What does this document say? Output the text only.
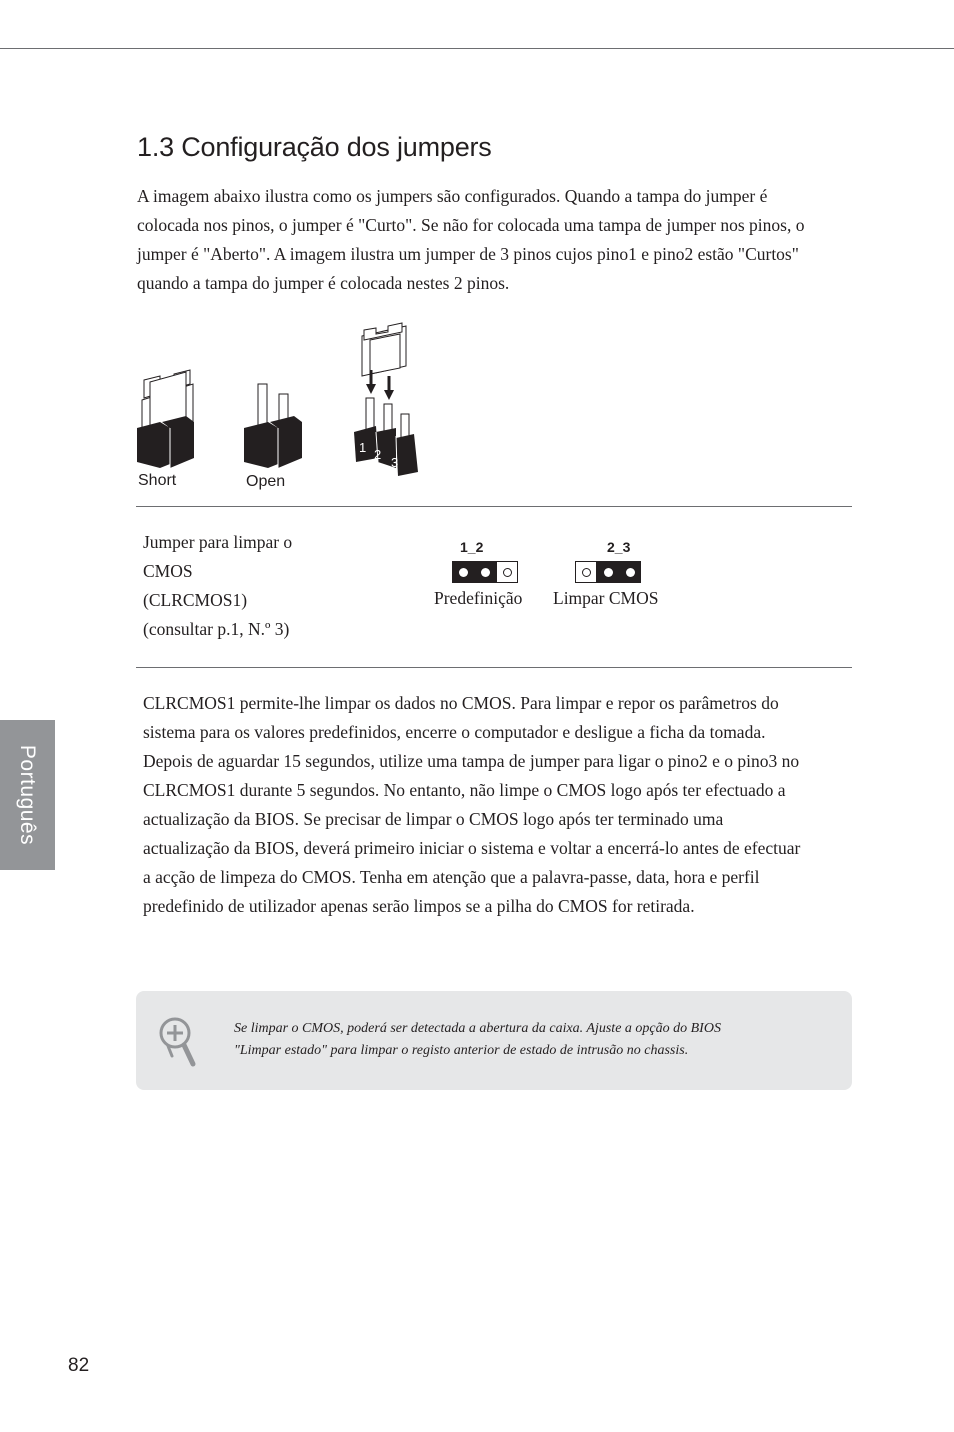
1.3 Configuração dos jumpers

A imagem abaixo ilustra como os jumpers são configurados. Quando a tampa do jumper é colocada nos pinos, o jumper é "Curto". Se não for colocada uma tampa de jumper nos pinos, o jumper é "Aberto". A imagem ilustra um jumper de 3 pinos cujos pino1 e pino2 estão "Curtos" quando a tampa do jumper é colocada nestes 2 pinos.

1 2
3
Short	Open
Jumper para limpar o
CMOS
(CLRCMOS1)
(consultar p.1, N.º 3)
1_2
Predefinição
2_3
Limpar CMOS

CLRCMOS1 permite-lhe limpar os dados no CMOS. Para limpar e repor os parâmetros do sistema para os valores predefinidos, encerre o computador e desligue a ficha da tomada. Depois de aguardar 15 segundos, utilize uma tampa de jumper para ligar o pino2 e o pino3 no CLRCMOS1 durante 5 segundos. No entanto, não limpe o CMOS logo após ter efectuado a actualização da BIOS. Se precisar de limpar o CMOS logo após ter terminado uma actualização da BIOS, deverá primeiro iniciar o sistema e voltar a encerrá-lo antes de efectuar a acção de limpeza do CMOS. Tenha em atenção que a palavra-passe, data, hora e perfil predefinido de utilizador apenas serão limpos se a pilha do CMOS for retirada.

Se limpar o CMOS, poderá ser detectada a abertura da caixa. Ajuste a opção do BIOS
"Limpar estado" para limpar o registo anterior de estado de intrusão no chassis.

Português
82
